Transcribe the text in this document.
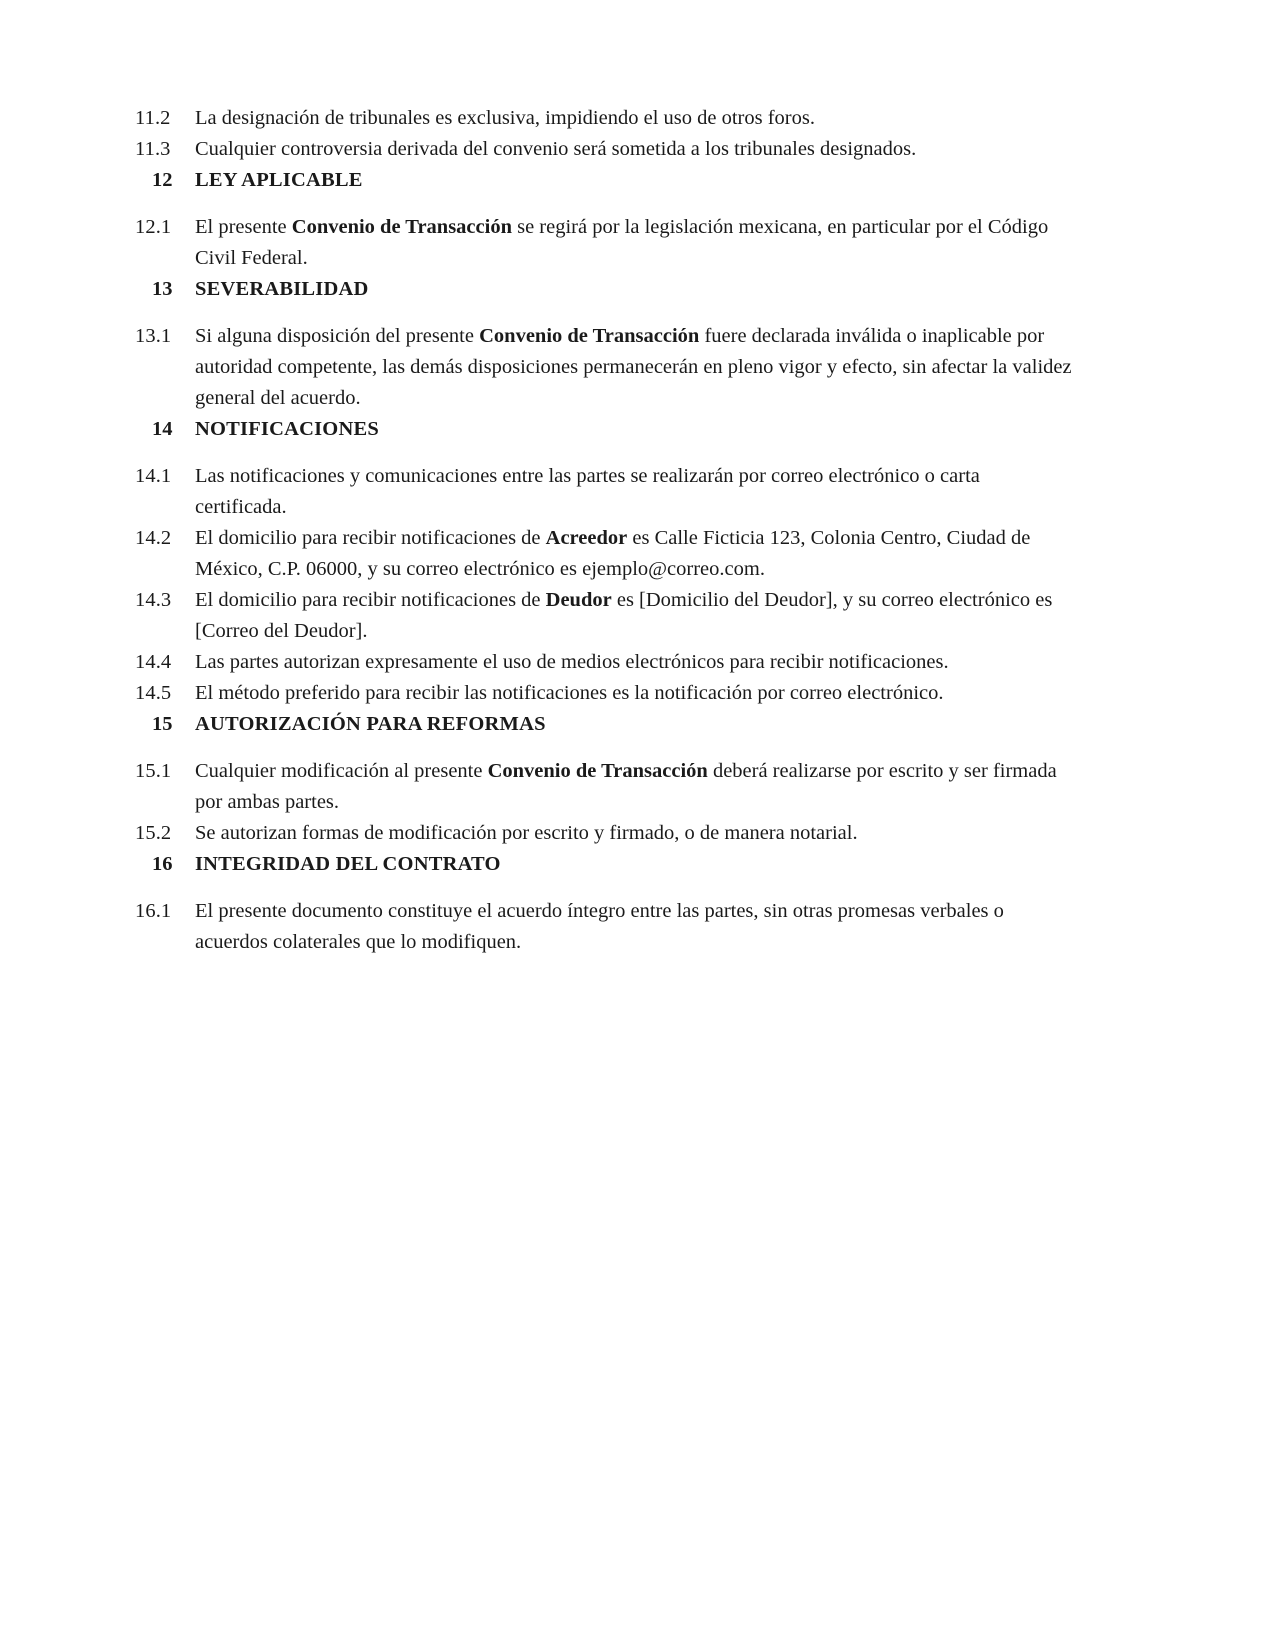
11.2	La designación de tribunales es exclusiva, impidiendo el uso de otros foros.
11.3	Cualquier controversia derivada del convenio será sometida a los tribunales designados.
12	LEY APLICABLE
12.1	El presente Convenio de Transacción se regirá por la legislación mexicana, en particular por el Código Civil Federal.
13	SEVERABILIDAD
13.1	Si alguna disposición del presente Convenio de Transacción fuere declarada inválida o inaplicable por autoridad competente, las demás disposiciones permanecerán en pleno vigor y efecto, sin afectar la validez general del acuerdo.
14	NOTIFICACIONES
14.1	Las notificaciones y comunicaciones entre las partes se realizarán por correo electrónico o carta certificada.
14.2	El domicilio para recibir notificaciones de Acreedor es Calle Ficticia 123, Colonia Centro, Ciudad de México, C.P. 06000, y su correo electrónico es ejemplo@correo.com.
14.3	El domicilio para recibir notificaciones de Deudor es [Domicilio del Deudor], y su correo electrónico es [Correo del Deudor].
14.4	Las partes autorizan expresamente el uso de medios electrónicos para recibir notificaciones.
14.5	El método preferido para recibir las notificaciones es la notificación por correo electrónico.
15	AUTORIZACIÓN PARA REFORMAS
15.1	Cualquier modificación al presente Convenio de Transacción deberá realizarse por escrito y ser firmada por ambas partes.
15.2	Se autorizan formas de modificación por escrito y firmado, o de manera notarial.
16	INTEGRIDAD DEL CONTRATO
16.1	El presente documento constituye el acuerdo íntegro entre las partes, sin otras promesas verbales o acuerdos colaterales que lo modifiquen.
